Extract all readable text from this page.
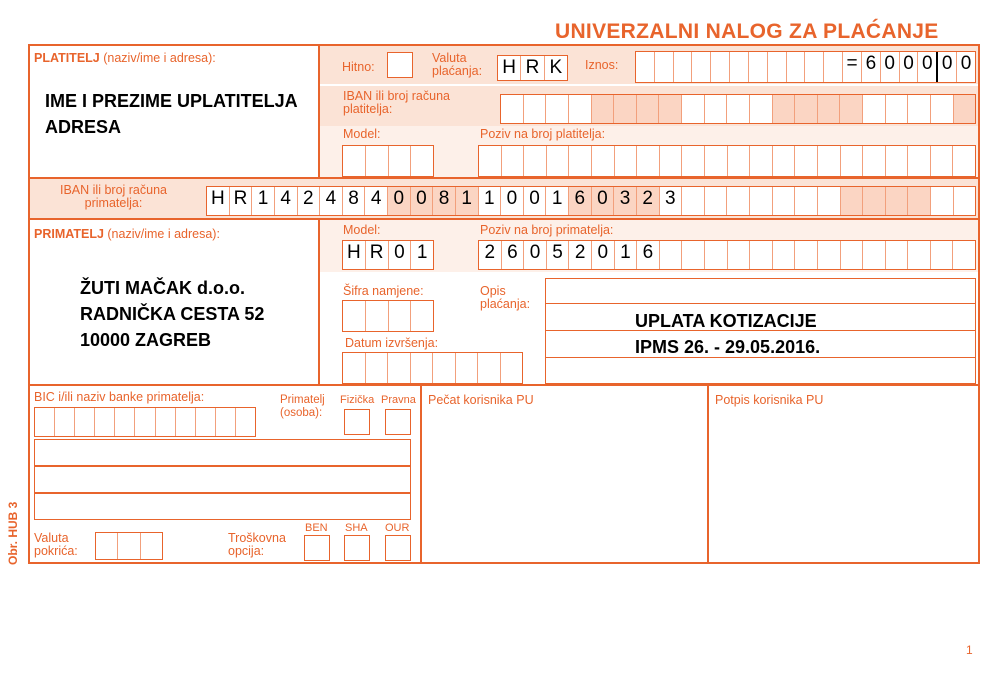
UNIVERZALNI NALOG ZA PLAĆANJE
PLATITELJ (naziv/ime i adresa):
IME I PREZIME UPLATITELJA
ADRESA
Hitno:
Valuta
plaćanja: H R K	Iznos:	= 6 0 0 0 0 0
IBAN ili broj računa
platitelja:
Model:	Poziv na broj platitelja:
IBAN ili broj računa
primatelja:	H R 1 4 2 4 8 4 0 0 8 1 1 0 0 1 6 0 3 2 3
PRIMATELJ (naziv/ime i adresa):
ŽUTI MAČAK d.o.o.
RADNIČKA CESTA 52
10000 ZAGREB
Model:
H R 0 1
Poziv na broj primatelja:
2 6 0 5 2 0 1 6
Šifra namjene:	Opis
plaćanja:
UPLATA KOTIZACIJE
IPMS 26. - 29.05.2016.
Datum izvršenja:
BIC i/ili naziv banke primatelja:	Primatelj
(osoba):
Fizička Pravna
Valuta
pokrića:
Troškovna
opcija:
BEN SHA OUR
Pečat korisnika PU	Potpis korisnika PU
Obr. HUB 3
1
